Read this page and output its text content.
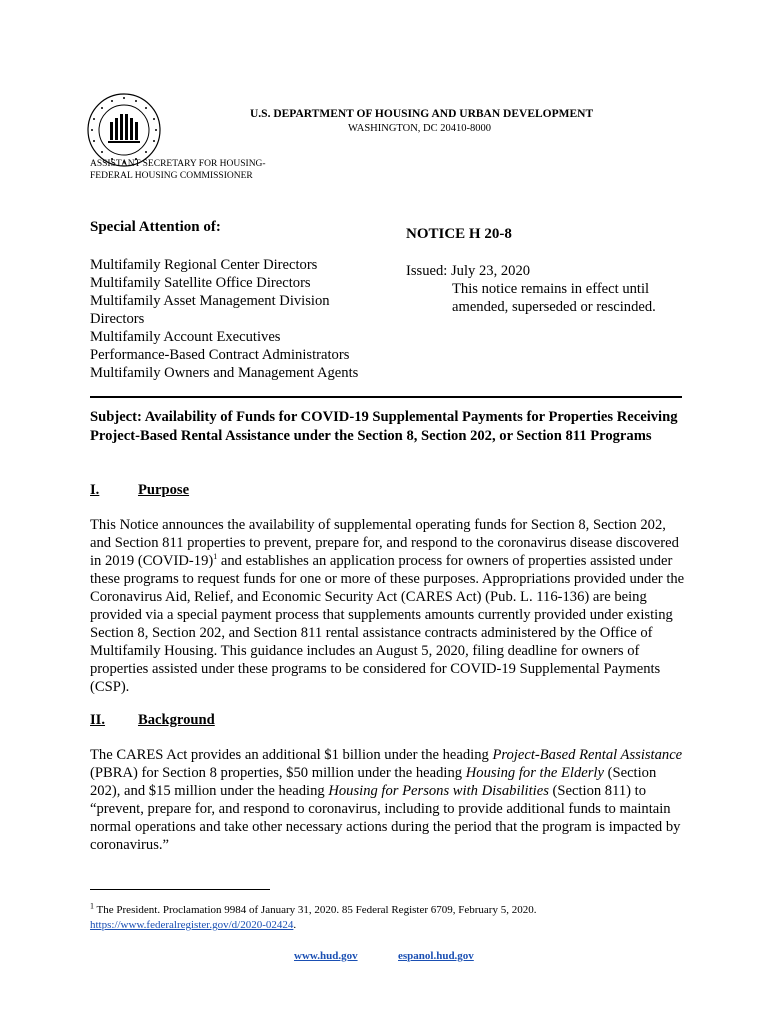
U.S. DEPARTMENT OF HOUSING AND URBAN DEVELOPMENT
WASHINGTON, DC 20410-8000
ASSISTANT SECRETARY FOR HOUSING-
FEDERAL HOUSING COMMISSIONER
Special Attention of:
Multifamily Regional Center Directors
Multifamily Satellite Office Directors
Multifamily Asset Management Division
Directors
Multifamily Account Executives
Performance-Based Contract Administrators
Multifamily Owners and Management Agents
NOTICE H 20-8
Issued: July 23, 2020
This notice remains in effect until
amended, superseded or rescinded.
Subject: Availability of Funds for COVID-19 Supplemental Payments for Properties Receiving Project-Based Rental Assistance under the Section 8, Section 202, or Section 811 Programs
I.	Purpose
This Notice announces the availability of supplemental operating funds for Section 8, Section 202, and Section 811 properties to prevent, prepare for, and respond to the coronavirus disease discovered in 2019 (COVID-19)$^1$ and establishes an application process for owners of properties assisted under these programs to request funds for one or more of these purposes. Appropriations provided under the Coronavirus Aid, Relief, and Economic Security Act (CARES Act) (Pub. L. 116-136) are being provided via a special payment process that supplements amounts currently provided under existing Section 8, Section 202, and Section 811 rental assistance contracts administered by the Office of Multifamily Housing. This guidance includes an August 5, 2020, filing deadline for owners of properties assisted under these programs to be considered for COVID-19 Supplemental Payments (CSP).
II. Background
The CARES Act provides an additional $1 billion under the heading Project-Based Rental Assistance (PBRA) for Section 8 properties, $50 million under the heading Housing for the Elderly (Section 202), and $15 million under the heading Housing for Persons with Disabilities (Section 811) to “prevent, prepare for, and respond to coronavirus, including to provide additional funds to maintain normal operations and take other necessary actions during the period that the program is impacted by coronavirus.”
$^1$ The President. Proclamation 9984 of January 31, 2020. 85 Federal Register 6709, February 5, 2020.
https://www.federalregister.gov/d/2020-02424.
www.hud.gov	espanol.hud.gov
